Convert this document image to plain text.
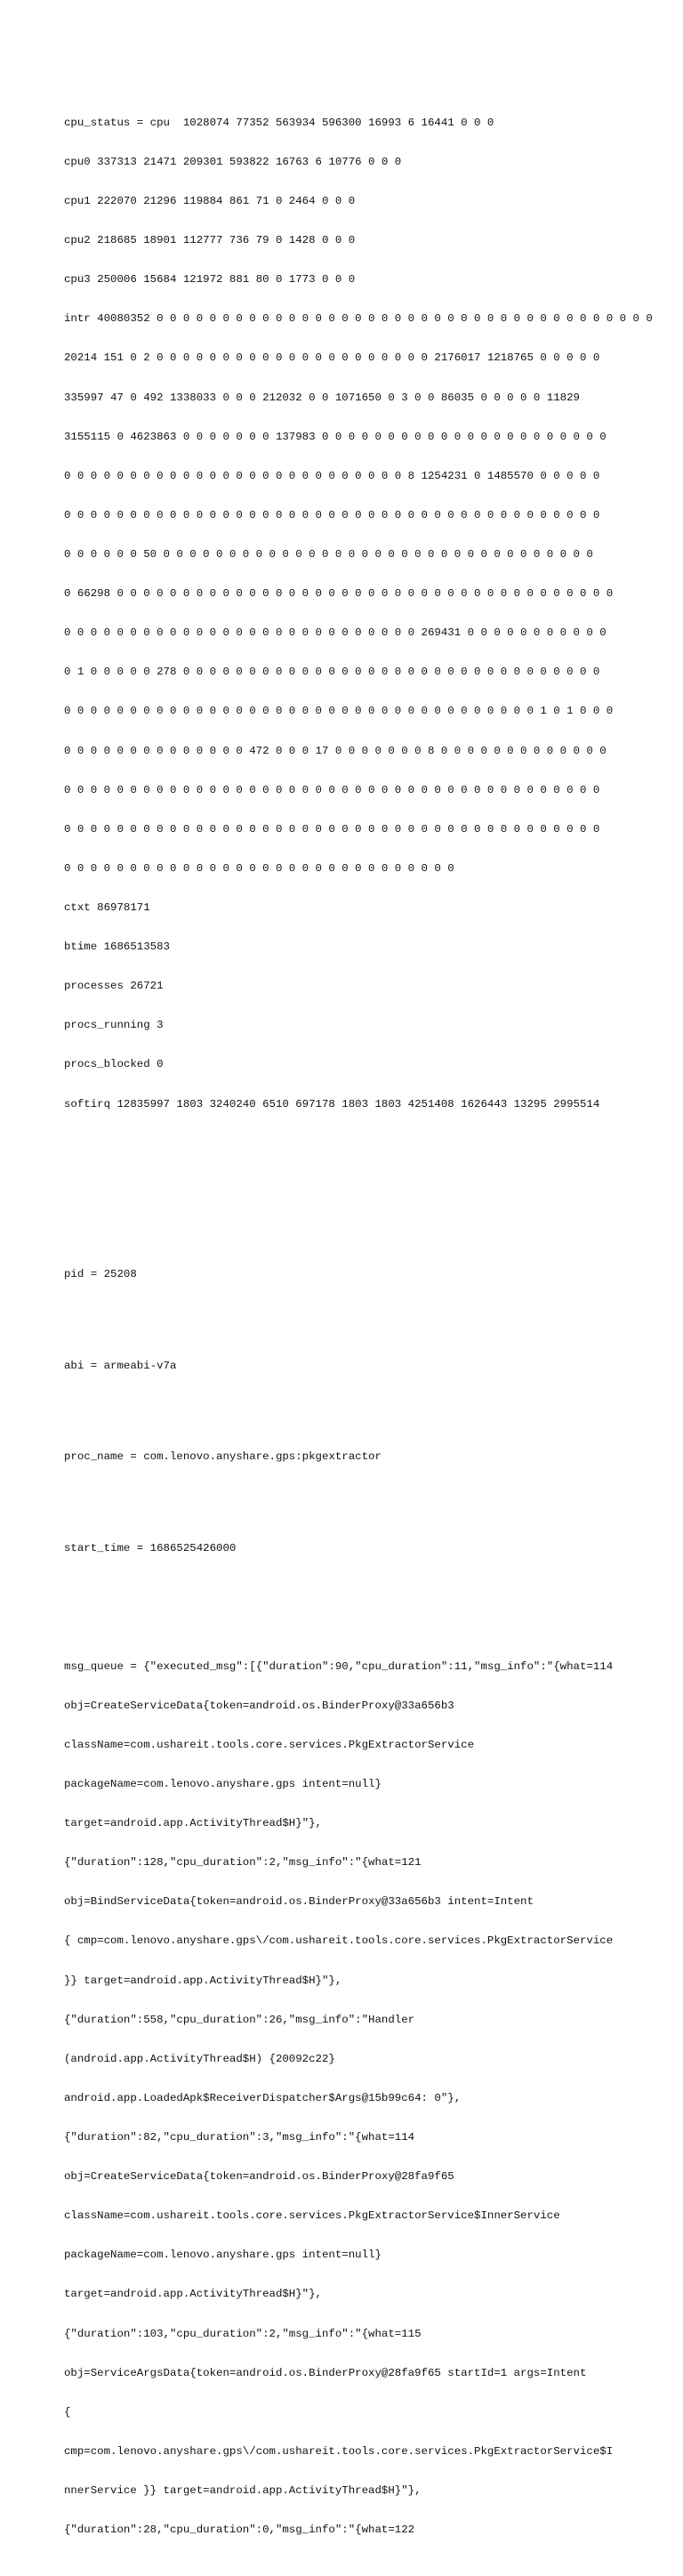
cpu_status = cpu  1028074 77352 563934 596300 16993 6 16441 0 0 0

cpu0 337313 21471 209301 593822 16763 6 10776 0 0 0

cpu1 222070 21296 119884 861 71 0 2464 0 0 0

cpu2 218685 18901 112777 736 79 0 1428 0 0 0

cpu3 250006 15684 121972 881 80 0 1773 0 0 0

intr 40080352 0 0 0 0 0 0 0 0 0 0 0 0 0 0 0 0 0 0 0 0 0 0 0 0 0 0 0 0 0 0 0 0 0 0 0 0 0 0

20214 151 0 2 0 0 0 0 0 0 0 0 0 0 0 0 0 0 0 0 0 0 0 0 0 2176017 1218765 0 0 0 0 0

335997 47 0 492 1338033 0 0 0 212032 0 0 1071650 0 3 0 0 86035 0 0 0 0 0 11829

3155115 0 4623863 0 0 0 0 0 0 0 137983 0 0 0 0 0 0 0 0 0 0 0 0 0 0 0 0 0 0 0 0 0 0

0 0 0 0 0 0 0 0 0 0 0 0 0 0 0 0 0 0 0 0 0 0 0 0 0 0 8 1254231 0 1485570 0 0 0 0 0

0 0 0 0 0 0 0 0 0 0 0 0 0 0 0 0 0 0 0 0 0 0 0 0 0 0 0 0 0 0 0 0 0 0 0 0 0 0 0 0 0

0 0 0 0 0 0 50 0 0 0 0 0 0 0 0 0 0 0 0 0 0 0 0 0 0 0 0 0 0 0 0 0 0 0 0 0 0 0 0 0

0 66298 0 0 0 0 0 0 0 0 0 0 0 0 0 0 0 0 0 0 0 0 0 0 0 0 0 0 0 0 0 0 0 0 0 0 0 0 0 0

0 0 0 0 0 0 0 0 0 0 0 0 0 0 0 0 0 0 0 0 0 0 0 0 0 0 0 269431 0 0 0 0 0 0 0 0 0 0 0

0 1 0 0 0 0 0 278 0 0 0 0 0 0 0 0 0 0 0 0 0 0 0 0 0 0 0 0 0 0 0 0 0 0 0 0 0 0 0 0

0 0 0 0 0 0 0 0 0 0 0 0 0 0 0 0 0 0 0 0 0 0 0 0 0 0 0 0 0 0 0 0 0 0 0 0 1 0 1 0 0 0

0 0 0 0 0 0 0 0 0 0 0 0 0 0 472 0 0 0 17 0 0 0 0 0 0 0 8 0 0 0 0 0 0 0 0 0 0 0 0 0

0 0 0 0 0 0 0 0 0 0 0 0 0 0 0 0 0 0 0 0 0 0 0 0 0 0 0 0 0 0 0 0 0 0 0 0 0 0 0 0 0

0 0 0 0 0 0 0 0 0 0 0 0 0 0 0 0 0 0 0 0 0 0 0 0 0 0 0 0 0 0 0 0 0 0 0 0 0 0 0 0 0

0 0 0 0 0 0 0 0 0 0 0 0 0 0 0 0 0 0 0 0 0 0 0 0 0 0 0 0 0 0

ctxt 86978171

btime 1686513583

processes 26721

procs_running 3

procs_blocked 0

softirq 12835997 1803 3240240 6510 697178 1803 1803 4251408 1626443 13295 2995514

pid = 25208

abi = armeabi-v7a

proc_name = com.lenovo.anyshare.gps:pkgextractor

start_time = 1686525426000

msg_queue = {"executed_msg":[{"duration":90,"cpu_duration":11,"msg_info":"{what=114

obj=CreateServiceData{token=android.os.BinderProxy@33a656b3

className=com.ushareit.tools.core.services.PkgExtractorService

packageName=com.lenovo.anyshare.gps intent=null}

target=android.app.ActivityThread$H}"},

{"duration":128,"cpu_duration":2,"msg_info":"{what=121

obj=BindServiceData{token=android.os.BinderProxy@33a656b3 intent=Intent

{ cmp=com.lenovo.anyshare.gps\/com.ushareit.tools.core.services.PkgExtractorService

}} target=android.app.ActivityThread$H}"},

{"duration":558,"cpu_duration":26,"msg_info":"Handler

(android.app.ActivityThread$H) {20092c22}

android.app.LoadedApk$ReceiverDispatcher$Args@15b99c64: 0"},

{"duration":82,"cpu_duration":3,"msg_info":"{what=114

obj=CreateServiceData{token=android.os.BinderProxy@28fa9f65

className=com.ushareit.tools.core.services.PkgExtractorService$InnerService

packageName=com.lenovo.anyshare.gps intent=null}

target=android.app.ActivityThread$H}"},

{"duration":103,"cpu_duration":2,"msg_info":"{what=115

obj=ServiceArgsData{token=android.os.BinderProxy@28fa9f65 startId=1 args=Intent

{

cmp=com.lenovo.anyshare.gps\/com.ushareit.tools.core.services.PkgExtractorService$I

nnerService }} target=android.app.ActivityThread$H}"},

{"duration":28,"cpu_duration":0,"msg_info":"{what=122
